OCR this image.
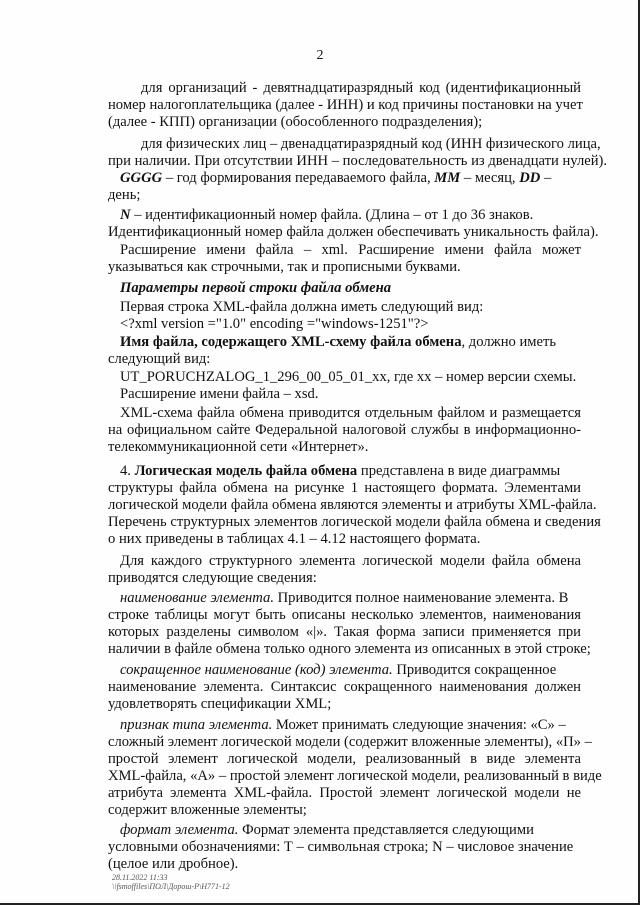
2
для организаций - девятнадцатиразрядный код (идентификационный
номер налогоплательщика (далее - ИНН) и код причины постановки на учет
(далее - КПП) организации (обособленного подразделения);
для физических лиц – двенадцатиразрядный код (ИНН физического лица,
при наличии. При отсутствии ИНН – последовательность из двенадцати нулей).
GGGG – год формирования передаваемого файла, MM – месяц, DD –
день;
N – идентификационный номер файла. (Длина – от 1 до 36 знаков.
Идентификационный номер файла должен обеспечивать уникальность файла).
Расширение имени файла – xml. Расширение имени файла может
указываться как строчными, так и прописными буквами.
Параметры первой строки файла обмена
Первая строка XML-файла должна иметь следующий вид:
<?xml version ="1.0" encoding ="windows-1251"?>
Имя файла, содержащего XML-схему файла обмена, должно иметь
следующий вид:
UT_PORUCHZALOG_1_296_00_05_01_xx, где xx – номер версии схемы.
Расширение имени файла – xsd.
XML-схема файла обмена приводится отдельным файлом и размещается
на официальном сайте Федеральной налоговой службы в информационно-
телекоммуникационной сети «Интернет».
4. Логическая модель файла обмена представлена в виде диаграммы
структуры файла обмена на рисунке 1 настоящего формата. Элементами
логической модели файла обмена являются элементы и атрибуты XML-файла.
Перечень структурных элементов логической модели файла обмена и сведения
о них приведены в таблицах 4.1 – 4.12 настоящего формата.
Для каждого структурного элемента логической модели файла обмена
приводятся следующие сведения:
наименование элемента. Приводится полное наименование элемента. В
строке таблицы могут быть описаны несколько элементов, наименования
которых разделены символом «|». Такая форма записи применяется при
наличии в файле обмена только одного элемента из описанных в этой строке;
сокращенное наименование (код) элемента. Приводится сокращенное
наименование элемента. Синтаксис сокращенного наименования должен
удовлетворять спецификации XML;
признак типа элемента. Может принимать следующие значения: «С» –
сложный элемент логической модели (содержит вложенные элементы), «П» –
простой элемент логической модели, реализованный в виде элемента
XML-файла, «А» – простой элемент логической модели, реализованный в виде
атрибута элемента XML-файла. Простой элемент логической модели не
содержит вложенные элементы;
формат элемента. Формат элемента представляется следующими
условными обозначениями: Т – символьная строка; N – числовое значение
(целое или дробное).
28.11.2022 11:33
\\fsmoffiles\ПОЛ\Дорош-Р\Н771-12
